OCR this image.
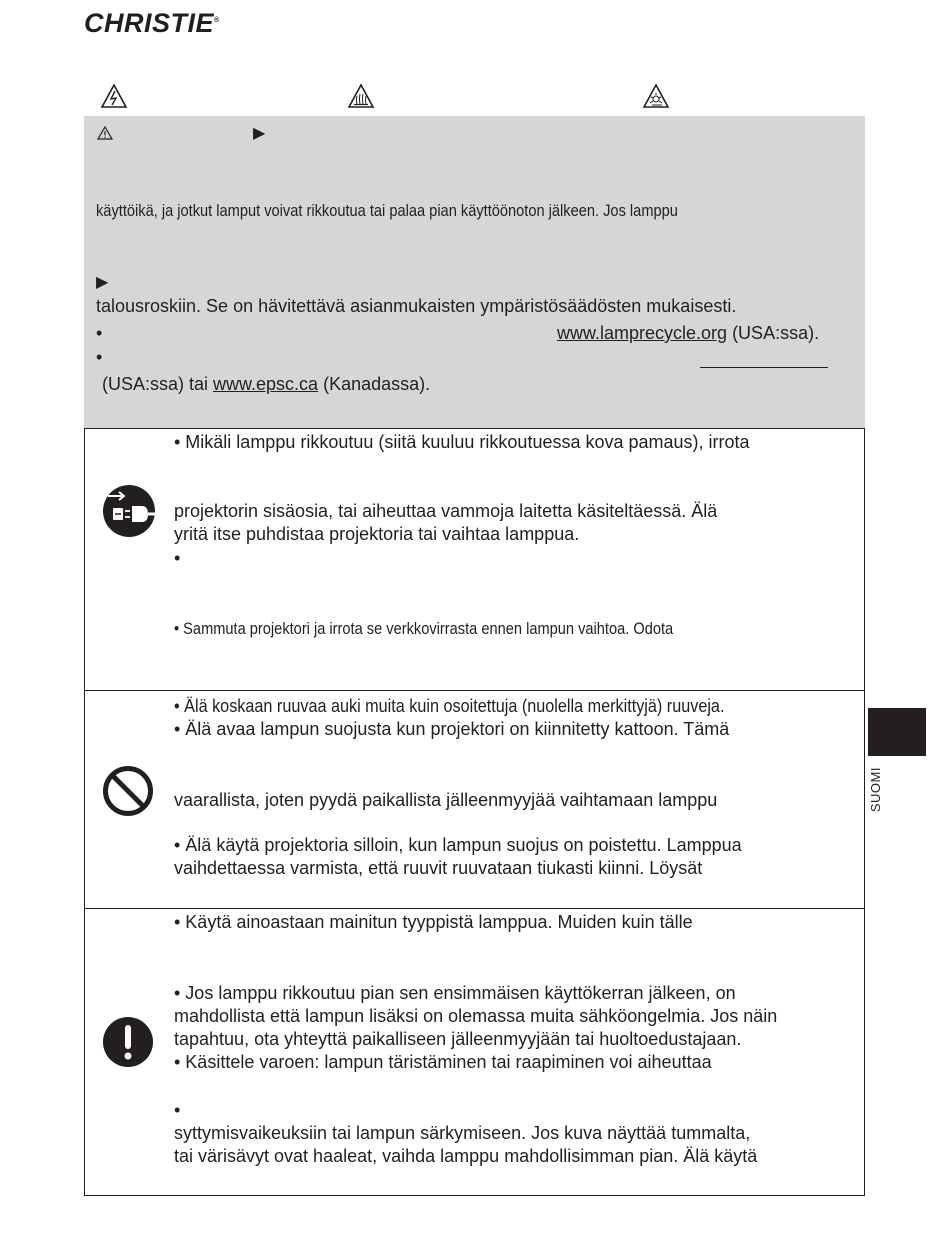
CHRISTIE®
▶
käyttöikä, ja jotkut lamput voivat rikkoutua tai palaa pian käyttöönoton jälkeen. Jos lamppu
▶
talousroskiin. Se on hävitettävä asianmukaisten ympäristösäädösten mukaisesti.
•	www.lamprecycle.org (USA:ssa).
•
(USA:ssa) tai www.epsc.ca (Kanadassa).
• Mikäli lamppu rikkoutuu (siitä kuuluu rikkoutuessa kova pamaus), irrota
projektorin sisäosia, tai aiheuttaa vammoja laitetta käsiteltäessä. Älä
yritä itse puhdistaa projektoria tai vaihtaa lamppua.
•
• Sammuta projektori ja irrota se verkkovirrasta ennen lampun vaihtoa. Odota
• Älä koskaan ruuvaa auki muita kuin osoitettuja (nuolella merkittyjä) ruuveja.
• Älä avaa lampun suojusta kun projektori on kiinnitetty kattoon. Tämä
vaarallista, joten pyydä paikallista jälleenmyyjää vaihtamaan lamppu
• Älä käytä projektoria silloin, kun lampun suojus on poistettu. Lamppua
vaihdettaessa varmista, että ruuvit ruuvataan tiukasti kiinni. Löysät
• Käytä ainoastaan mainitun tyyppistä lamppua. Muiden kuin tälle
• Jos lamppu rikkoutuu pian sen ensimmäisen käyttökerran jälkeen, on
mahdollista että lampun lisäksi on olemassa muita sähköongelmia. Jos näin
tapahtuu, ota yhteyttä paikalliseen jälleenmyyjään tai huoltoedustajaan.
• Käsittele varoen: lampun täristäminen tai raapiminen voi aiheuttaa
•
syttymisvaikeuksiin tai lampun särkymiseen. Jos kuva näyttää tummalta,
tai värisävyt ovat haaleat, vaihda lamppu mahdollisimman pian. Älä käytä
SUOMI
